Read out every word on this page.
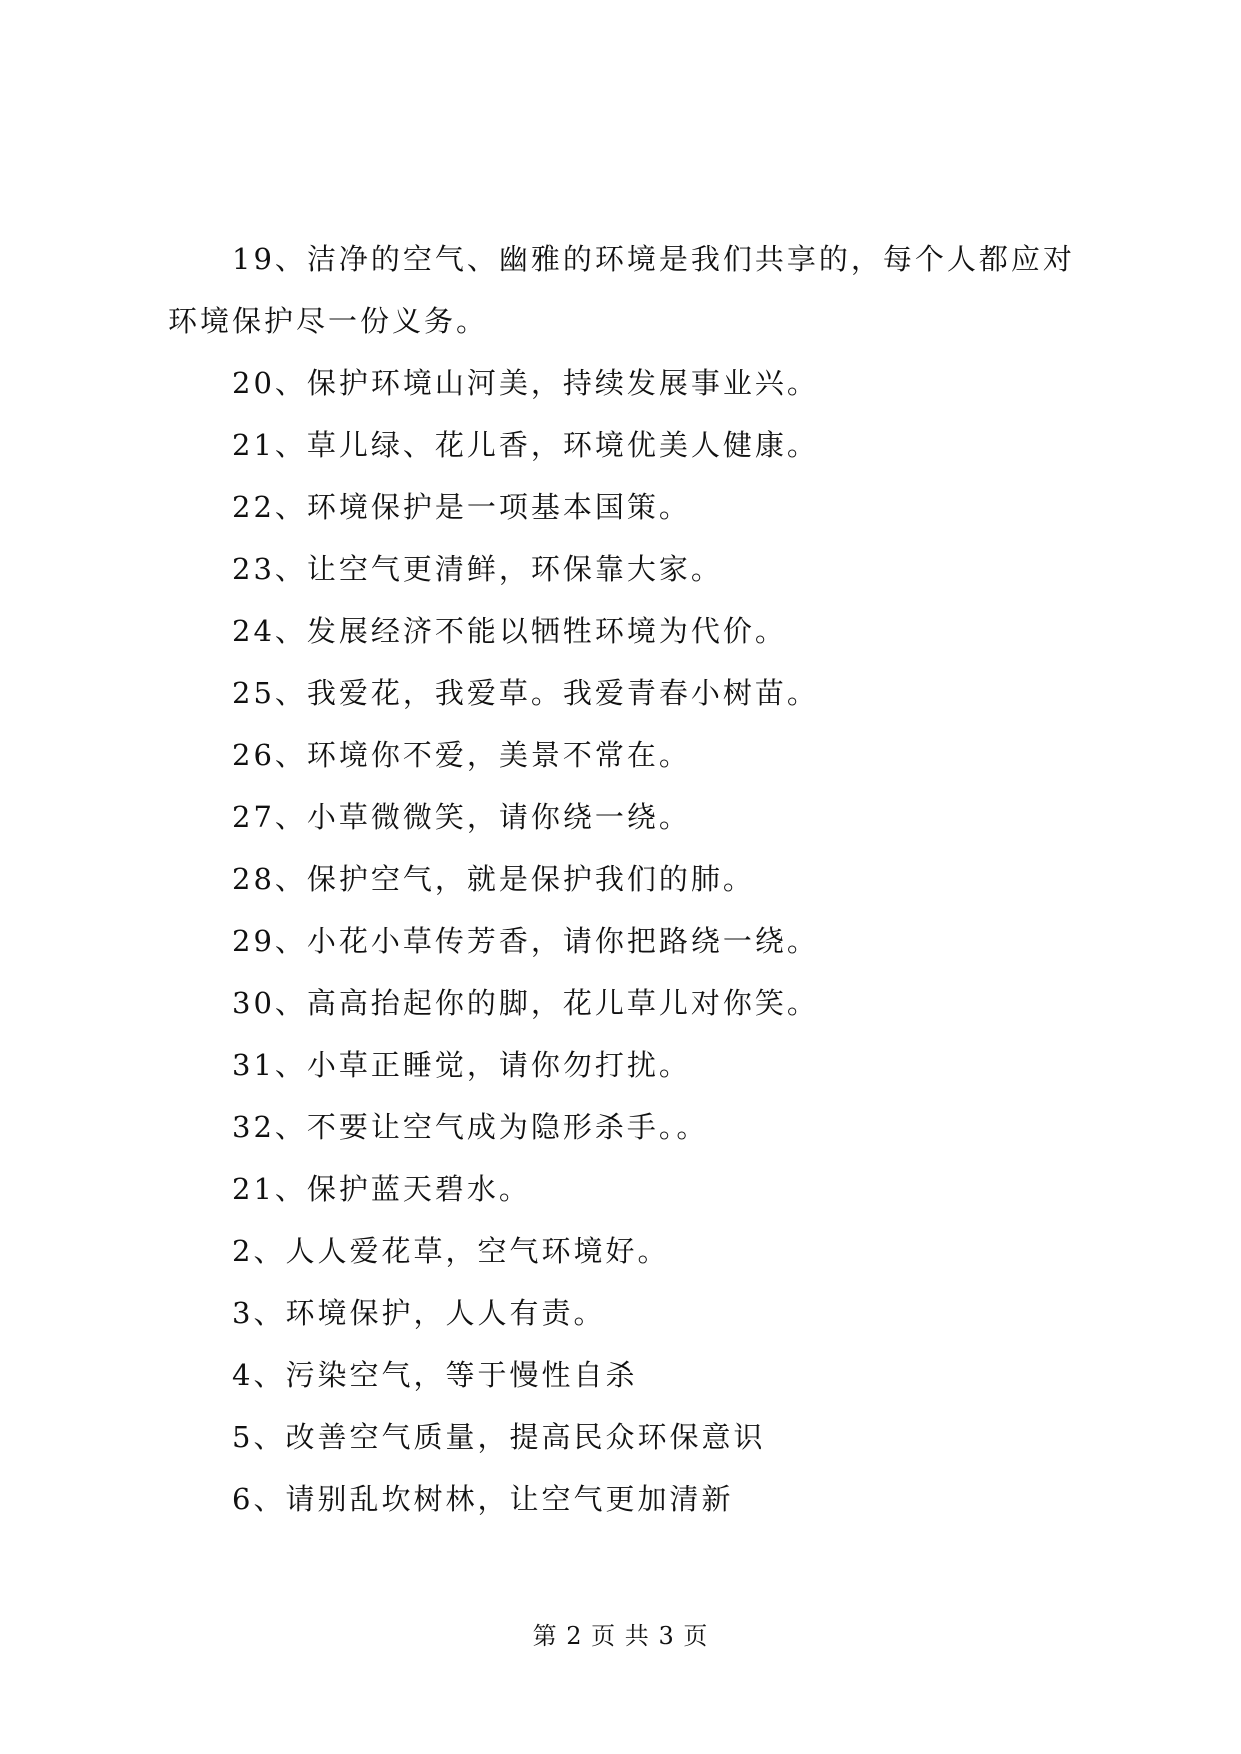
19、洁净的空气、幽雅的环境是我们共享的，每个人都应对环境保护尽一份义务。

20、保护环境山河美，持续发展事业兴。

21、草儿绿、花儿香，环境优美人健康。

22、环境保护是一项基本国策。

23、让空气更清鲜，环保靠大家。

24、发展经济不能以牺牲环境为代价。

25、我爱花，我爱草。我爱青春小树苗。

26、环境你不爱，美景不常在。

27、小草微微笑，请你绕一绕。

28、保护空气，就是保护我们的肺。

29、小花小草传芳香，请你把路绕一绕。

30、高高抬起你的脚，花儿草儿对你笑。

31、小草正睡觉，请你勿打扰。

32、不要让空气成为隐形杀手。。

21、保护蓝天碧水。

2、人人爱花草，空气环境好。

3、环境保护，人人有责。

4、污染空气，等于慢性自杀

5、改善空气质量，提高民众环保意识

6、请别乱坎树林，让空气更加清新

第 2 页 共 3 页
